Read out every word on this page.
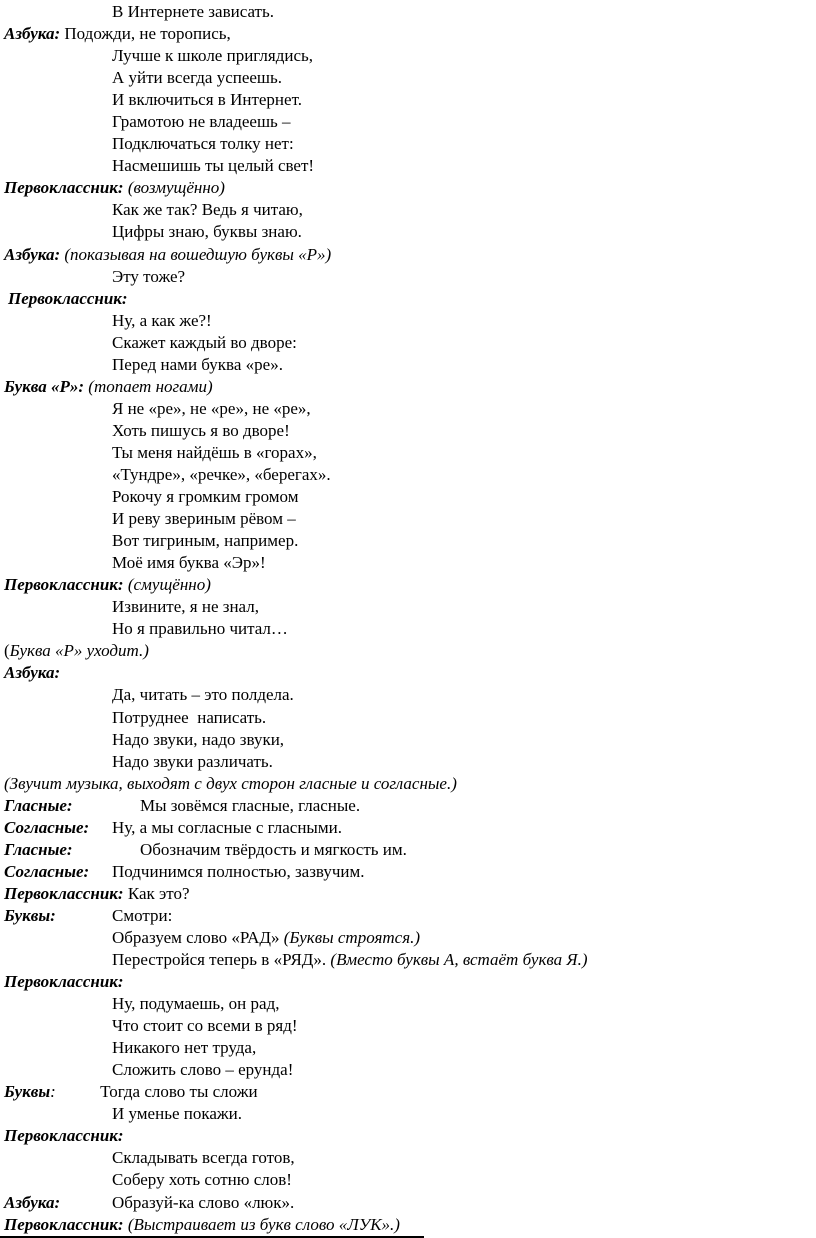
В Интернете зависать.
Азбука: Подожди, не торопись,
Лучше к школе приглядись,
А уйти всегда успеешь.
И включиться в Интернет.
Грамотою не владеешь –
Подключаться толку нет:
Насмешишь ты целый свет!
Первоклассник: (возмущённо)
Как же так? Ведь я читаю,
Цифры знаю, буквы знаю.
Азбука: (показывая на вошедшую буквы «Р»)
Эту тоже?
Первоклассник:
Ну, а как же?!
Скажет каждый во дворе:
Перед нами буква «ре».
Буква «Р»: (топает ногами)
Я не «ре», не «ре», не «ре»,
Хоть пишусь я во дворе!
Ты меня найдёшь в «горах»,
«Тундре», «речке», «берегах».
Рокочу я громким громом
И реву звериным рёвом –
Вот тигриным, например.
Моё имя буква «Эр»!
Первоклассник: (смущённо)
Извините, я не знал,
Но я правильно читал…
(Буква «Р» уходит.)
Азбука:
Да, читать – это полдела.
Потруднее  написать.
Надо звуки, надо звуки,
Надо звуки различать.
(Звучит музыка, выходят с двух сторон гласные и согласные.)
Гласные:	Мы зовёмся гласные, гласные.
Согласные: Ну, а мы согласные с гласными.
Гласные:	Обозначим твёрдость и мягкость им.
Согласные: Подчинимся полностью, зазвучим.
Первоклассник: Как это?
Буквы:	Смотри:
Образуем слово «РАД» (Буквы строятся.)
Перестройся теперь в «РЯД». (Вместо буквы А, встаёт буква Я.)
Первоклассник:
Ну, подумаешь, он рад,
Что стоит со всеми в ряд!
Никакого нет труда,
Сложить слово – ерунда!
Буквы:	Тогда слово ты сложи
И уменье покажи.
Первоклассник:
Складывать всегда готов,
Соберу хоть сотню слов!
Азбука:	Образуй-ка слово «люк».
Первоклассник: (Выстраивает из букв слово «ЛУК».)
